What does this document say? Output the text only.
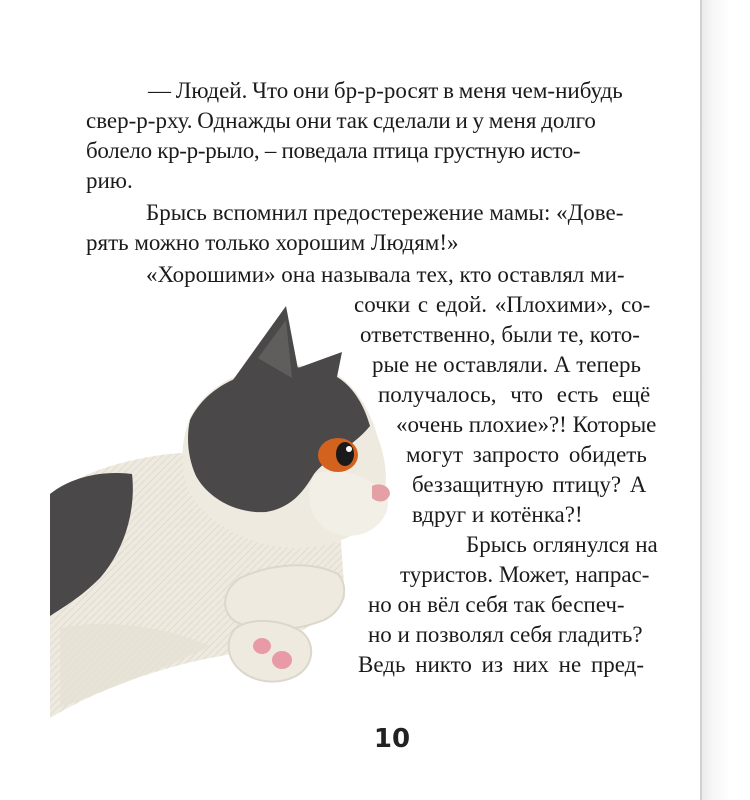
— Людей. Что они бр-р-росят в меня чем-нибудь

свер-р-рху. Однажды они так сделали и у меня долго

болело кр-р-рыло, – поведала птица грустную исто-

рию.

Брысь вспомнил предостережение мамы: «Дове-

рять можно только хорошим Людям!»

«Хорошими» она называла тех, кто оставлял ми-

сочки с едой. «Плохими», со-

ответственно, были те, кото-

рые не оставляли. А теперь

получалось, что есть ещё

«очень плохие»?! Которые

могут запросто обидеть

беззащитную птицу? А

вдруг и котёнка?!

Брысь оглянулся на

туристов. Может, напрас-

но он вёл себя так беспеч-

но и позволял себя гладить?

Ведь никто из них не пред-

10
